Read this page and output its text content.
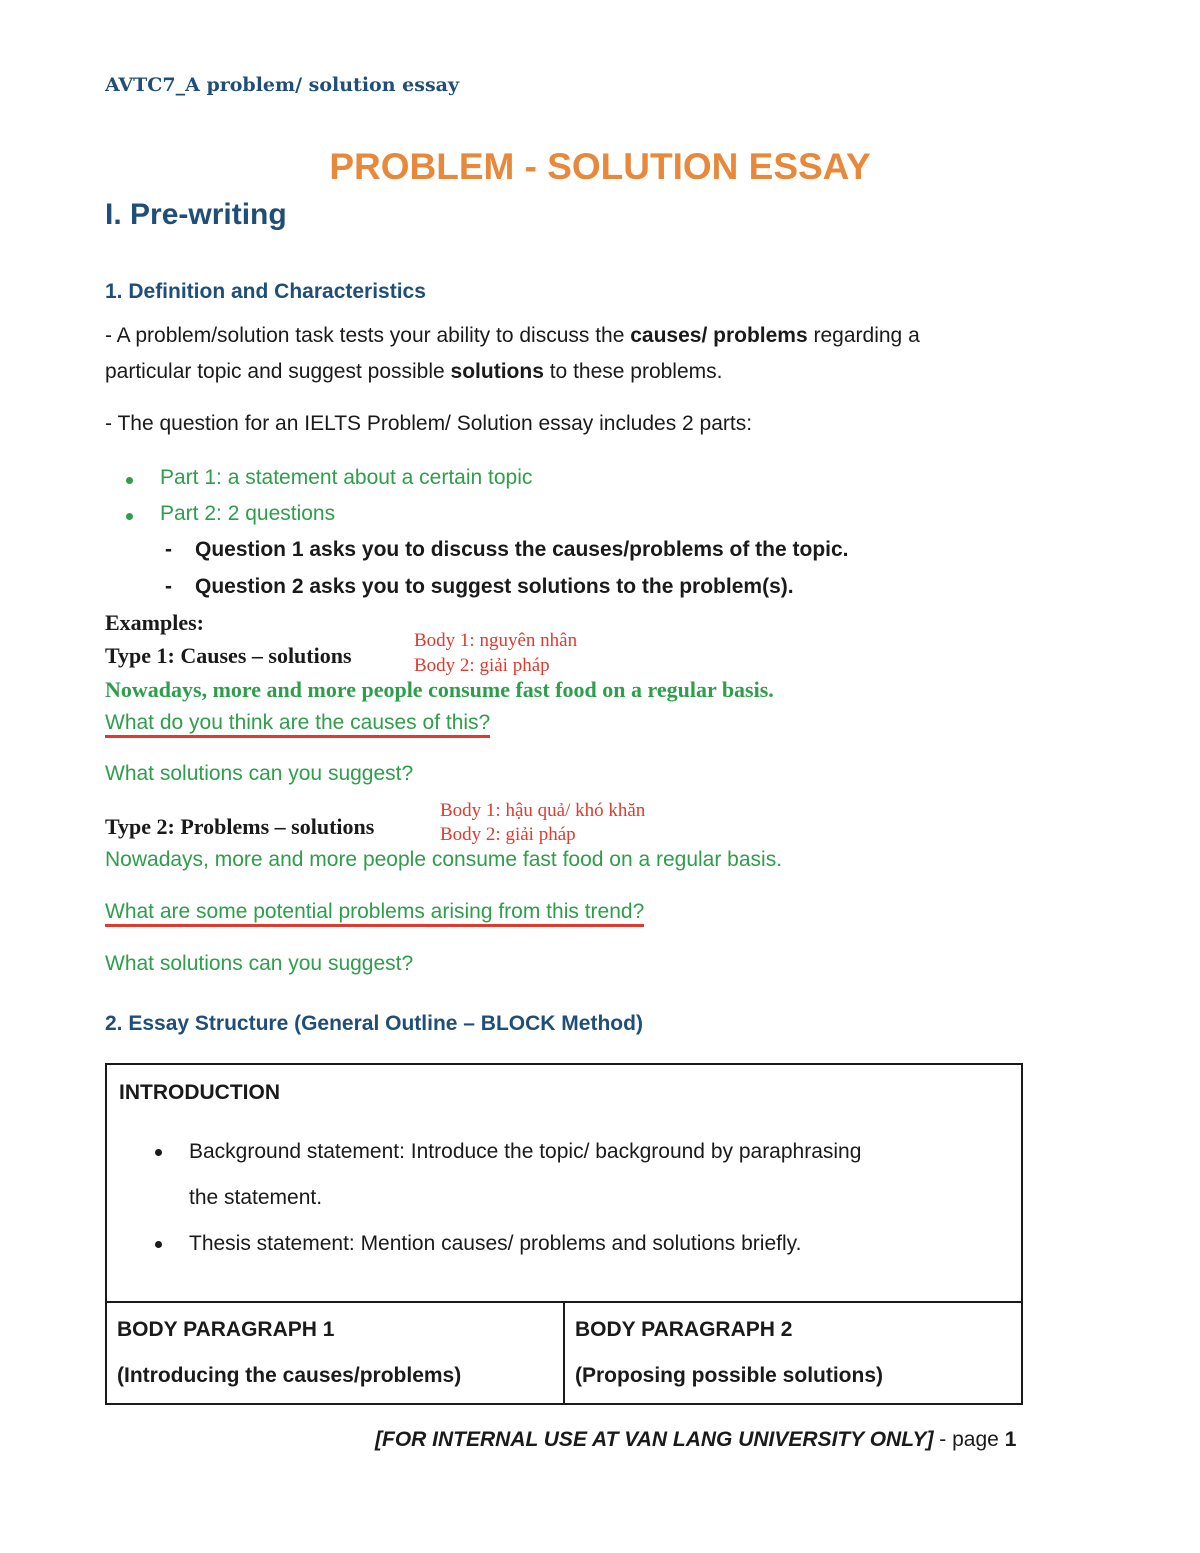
AVTC7_A problem/ solution essay
PROBLEM - SOLUTION ESSAY
I. Pre-writing
1. Definition and Characteristics
- A problem/solution task tests your ability to discuss the causes/ problems regarding a
particular topic and suggest possible solutions to these problems.
- The question for an IELTS Problem/ Solution essay includes 2 parts:
Part 1: a statement about a certain topic
Part 2: 2 questions
- Question 1 asks you to discuss the causes/problems of the topic.
- Question 2 asks you to suggest solutions to the problem(s).
Examples:
Type 1: Causes – solutions
Body 1: nguyên nhân
Body 2: giải pháp
Nowadays, more and more people consume fast food on a regular basis.
What do you think are the causes of this?
What solutions can you suggest?
Type 2: Problems – solutions
Body 1: hậu quả/ khó khăn
Body 2: giải pháp
Nowadays, more and more people consume fast food on a regular basis.
What are some potential problems arising from this trend?
What solutions can you suggest?
2. Essay Structure (General Outline – BLOCK Method)
INTRODUCTION
Background statement: Introduce the topic/ background by paraphrasing
the statement.
Thesis statement: Mention causes/ problems and solutions briefly.

BODY PARAGRAPH 1
(Introducing the causes/problems)

BODY PARAGRAPH 2
(Proposing possible solutions)
[FOR INTERNAL USE AT VAN LANG UNIVERSITY ONLY] - page 1
